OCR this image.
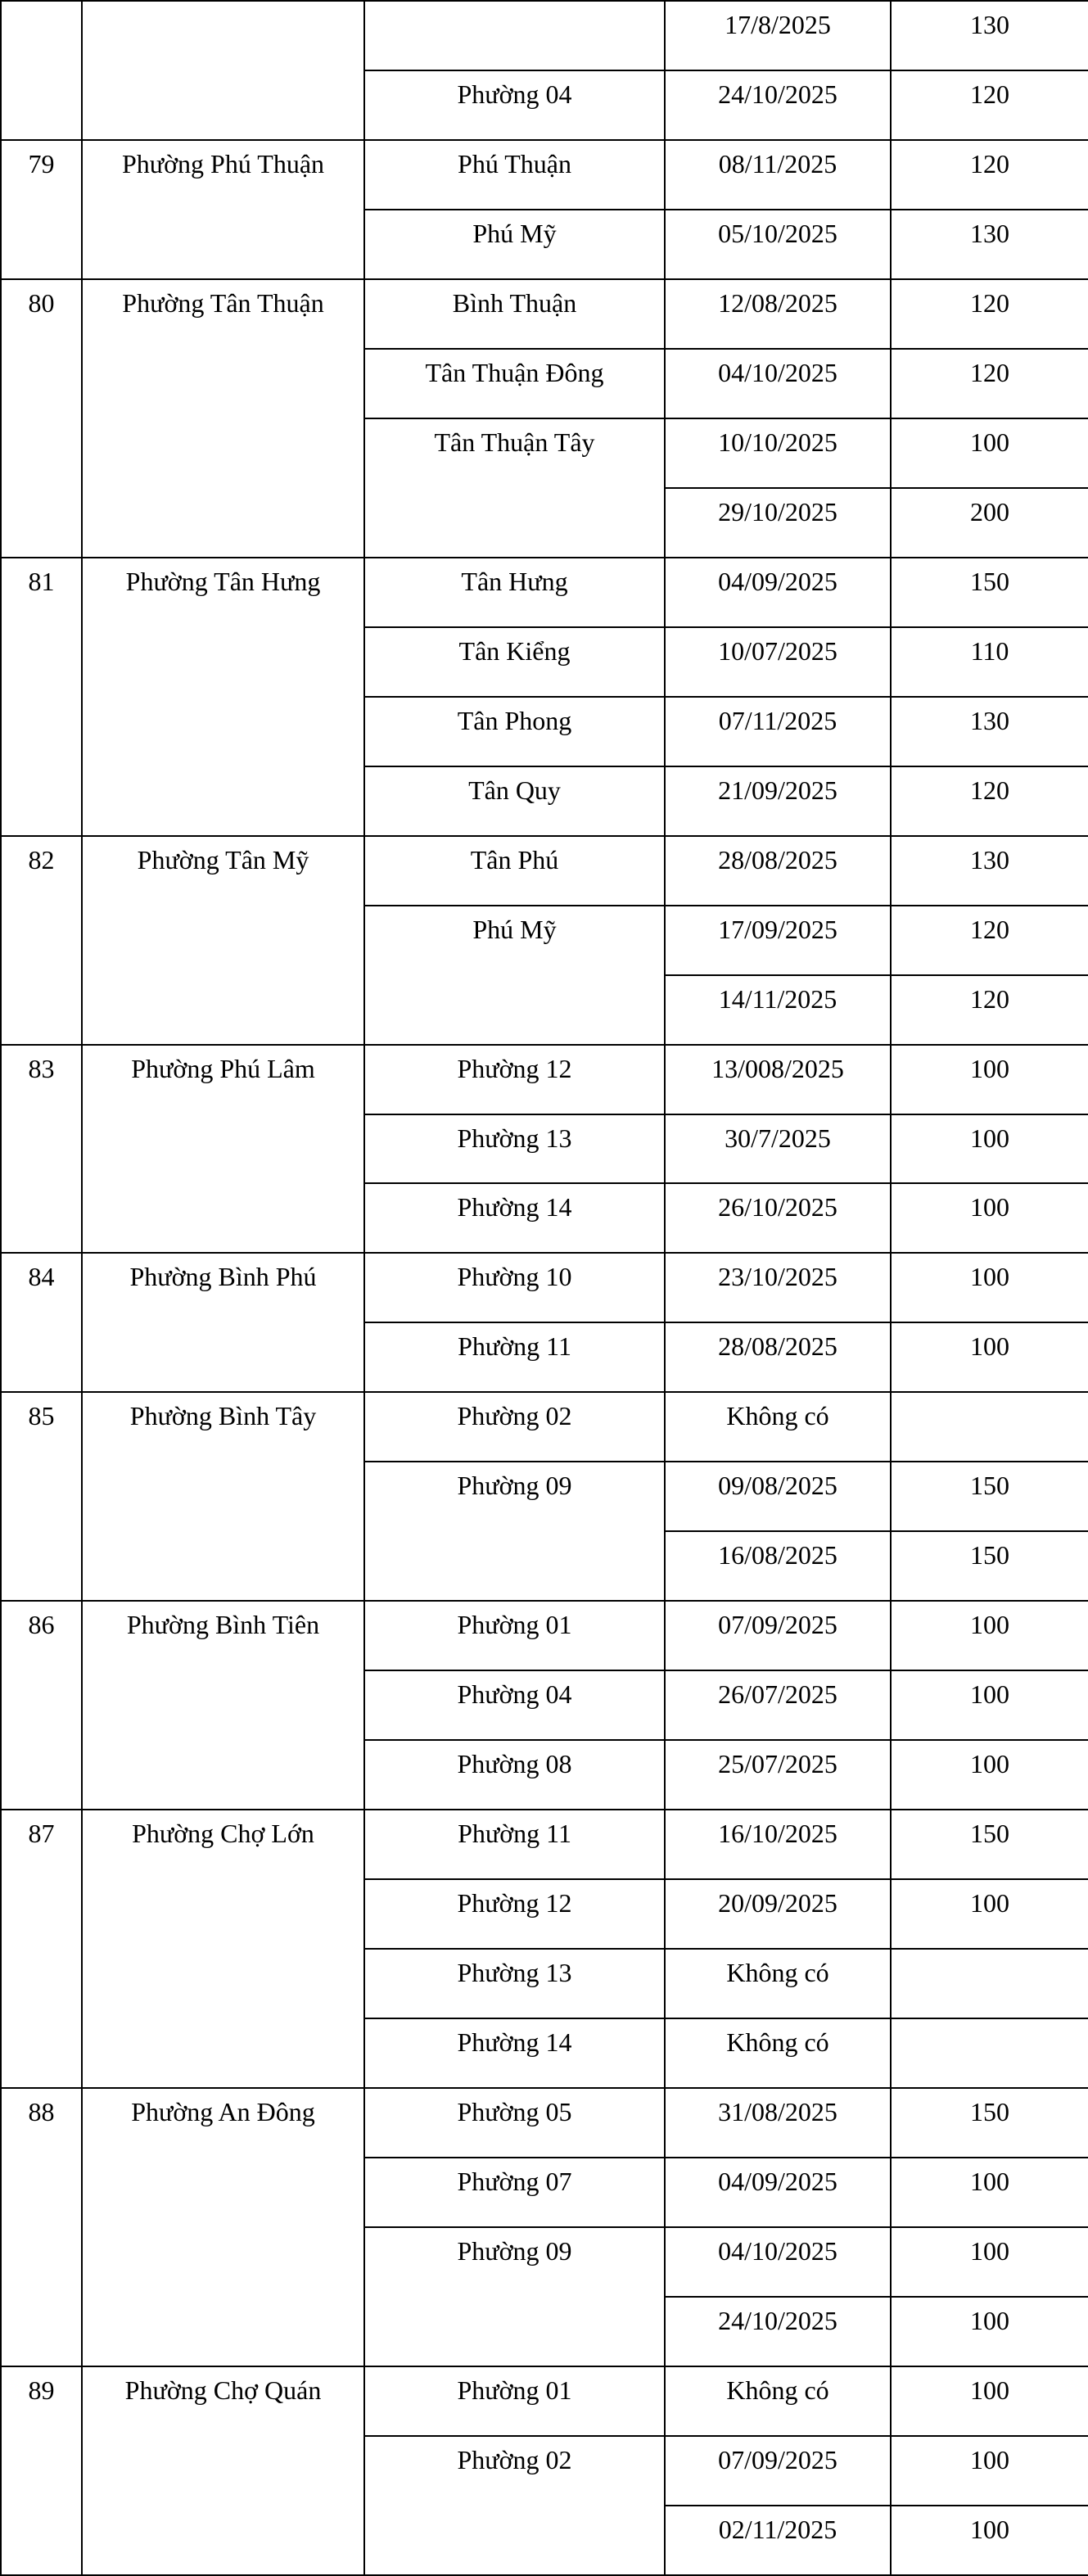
			17/8/2025	130
		Phường 04	24/10/2025	120
79	Phường Phú Thuận	Phú Thuận	08/11/2025	120
		Phú Mỹ	05/10/2025	130
80	Phường Tân Thuận	Bình Thuận	12/08/2025	120
		Tân Thuận Đông	04/10/2025	120
		Tân Thuận Tây	10/10/2025	100
			29/10/2025	200
81	Phường Tân Hưng	Tân Hưng	04/09/2025	150
		Tân Kiểng	10/07/2025	110
		Tân Phong	07/11/2025	130
		Tân Quy	21/09/2025	120
82	Phường Tân Mỹ	Tân Phú	28/08/2025	130
		Phú Mỹ	17/09/2025	120
			14/11/2025	120
83	Phường Phú Lâm	Phường 12	13/008/2025	100
		Phường 13	30/7/2025	100
		Phường 14	26/10/2025	100
84	Phường Bình Phú	Phường 10	23/10/2025	100
		Phường 11	28/08/2025	100
85	Phường Bình Tây	Phường 02	Không có	
		Phường 09	09/08/2025	150
			16/08/2025	150
86	Phường Bình Tiên	Phường 01	07/09/2025	100
		Phường 04	26/07/2025	100
		Phường 08	25/07/2025	100
87	Phường Chợ Lớn	Phường 11	16/10/2025	150
		Phường 12	20/09/2025	100
		Phường 13	Không có	
		Phường 14	Không có	
88	Phường An Đông	Phường 05	31/08/2025	150
		Phường 07	04/09/2025	100
		Phường 09	04/10/2025	100
			24/10/2025	100
89	Phường Chợ Quán	Phường 01	Không có	100
		Phường 02	07/09/2025	100
			02/11/2025	100
